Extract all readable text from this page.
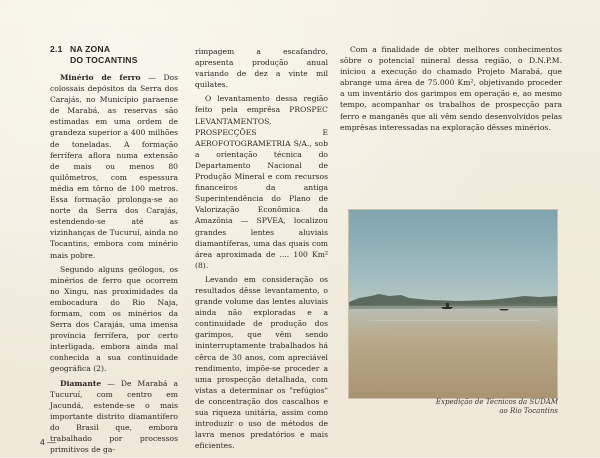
2.1 NA ZONA
DO TOCANTINS

Minério de ferro — Dos colossais depósitos da Serra dos Carajás, no Município paraense de Marabá, as reservas são estimadas em uma ordem de grandeza superior a 400 milhões de toneladas. A formação ferrífera aflora numa extensão de mais ou menos 80 quilômetros, com espessura média em tôrno de 100 metros. Essa formação prolonga-se ao norte da Serra dos Carajás, estendendo-se até as vizinhanças de Tucuruí, ainda no Tocantins, embora com minério mais pobre.

Segundo alguns geólogos, os minérios de ferro que ocorrem no Xingu, nas proximidades da embocadura do Rio Naja, formam, com os minérios da Serra dos Carajás, uma imensa província ferrífera, por certo interligada, embora ainda mal conhecida a sua continuidade geográfica (2).

Diamante — De Marabá a Tucuruí, com centro em Jacundá, estende-se o mais importante distrito diamantífero do Brasil que, embora trabalhado por processos primitivos de ga-

rimpagem a escafandro, apresenta produção anual variando de dez a vinte mil quilates.

O levantamento dessa região feito pela emprêsa PROSPEC LEVANTAMENTOS, PROSPECÇÕES E AEROFOTOGRAMETRIA S/A., sob a orientação técnica do Departamento Nacional de Produção Mineral e com recursos financeiros da antiga Superintendência do Plano de Valorização Econômica da Amazônia — SPVEA, localizou grandes lentes aluviais diamantíferas, uma das quais com área aproximada de .... 100 Km² (8).

Levando em consideração os resultados dêsse levantamento, o grande volume das lentes aluviais ainda não exploradas e a continuidade de produção dos garimpos, que vêm sendo ininterruptamente trabalhados há cêrca de 30 anos, com apreciável rendimento, impõe-se proceder a uma prospecção detalhada, com vistas a determinar os "refúgios" de concentração dos cascalhos e sua riqueza unitária, assim como introduzir o uso de métodos de lavra menos predatórios e mais eficientes.

Com a finalidade de obter melhores conhecimentos sôbre o potencial mineral dessa região, o D.N.P.M. iniciou a execução do chamado Projeto Marabá, que abrange uma área de 75.000 Km², objetivando proceder a um inventário dos garimpos em operação e, ao mesmo tempo, acompanhar os trabalhos de prospecção para ferro e manganês que ali vêm sendo desenvolvidos pelas emprêsas interessadas na exploração dêsses minérios.

Expedição de Técnicos da SUDAM
ao Rio Tocantins
4 —
